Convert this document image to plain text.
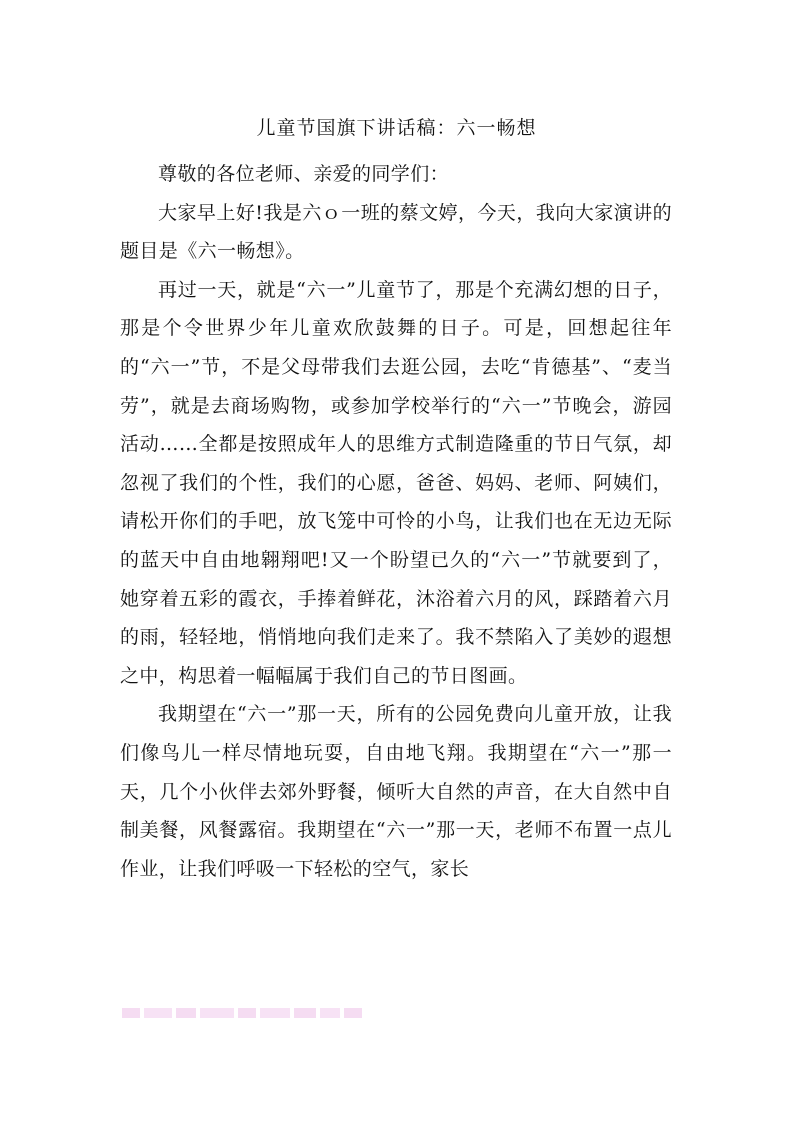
儿童节国旗下讲话稿：六一畅想

尊敬的各位老师、亲爱的同学们：

大家早上好!我是六ｏ一班的蔡文婷，今天，我向大家演讲的题目是《六一畅想》。

再过一天，就是“六一”儿童节了，那是个充满幻想的日子，那是个令世界少年儿童欢欣鼓舞的日子。可是，回想起往年的“六一”节，不是父母带我们去逛公园，去吃“肯德基”、“麦当劳”，就是去商场购物，或参加学校举行的“六一”节晚会，游园活动……全都是按照成年人的思维方式制造隆重的节日气氛，却忽视了我们的个性，我们的心愿，爸爸、妈妈、老师、阿姨们，请松开你们的手吧，放飞笼中可怜的小鸟，让我们也在无边无际的蓝天中自由地翱翔吧!又一个盼望已久的“六一”节就要到了，她穿着五彩的霞衣，手捧着鲜花，沐浴着六月的风，踩踏着六月的雨，轻轻地，悄悄地向我们走来了。我不禁陷入了美妙的遐想之中，构思着一幅幅属于我们自己的节日图画。

我期望在“六一”那一天，所有的公园免费向儿童开放，让我们像鸟儿一样尽情地玩耍，自由地飞翔。我期望在“六一”那一天，几个小伙伴去郊外野餐，倾听大自然的声音，在大自然中自制美餐，风餐露宿。我期望在“六一”那一天，老师不布置一点儿作业，让我们呼吸一下轻松的空气，家长
